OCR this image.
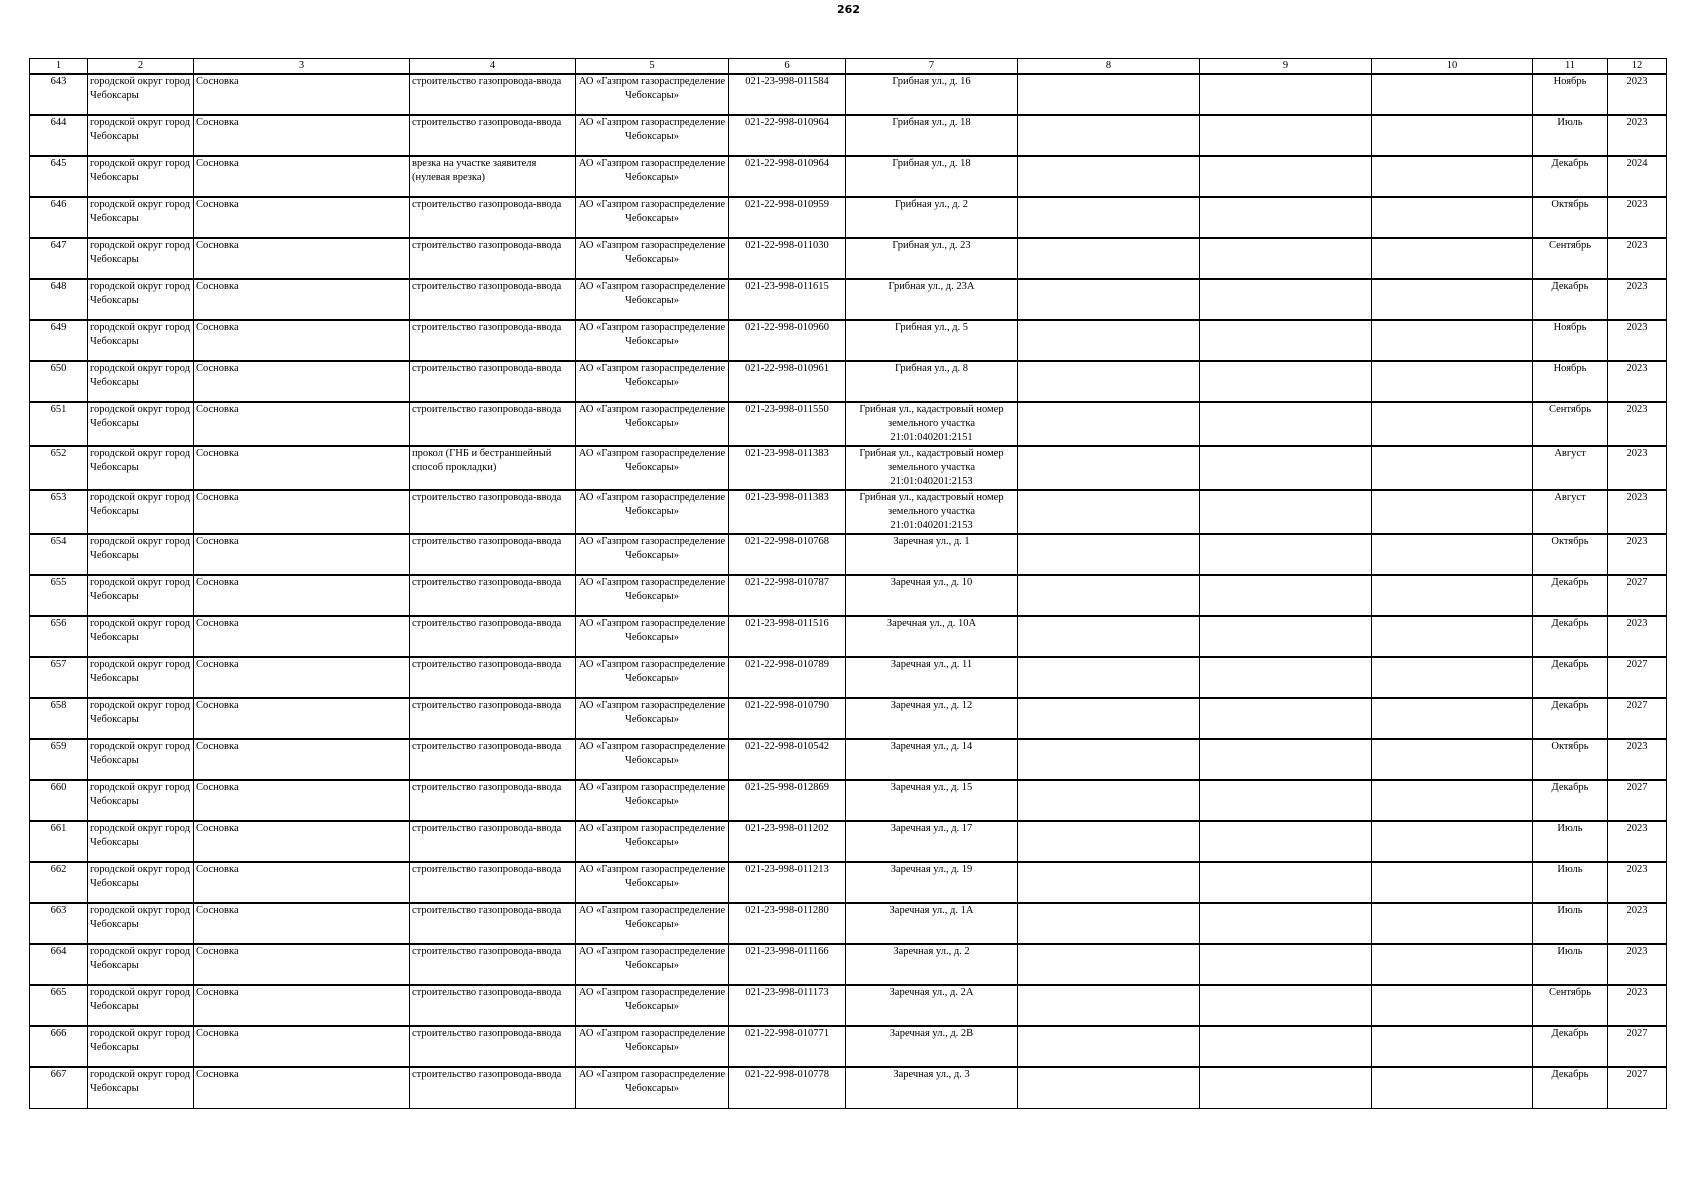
262
1	2	3	4	5	6	7	8	9	10	11	12
643	городской округ город Чебоксары	Сосновка	строительство газопровода-ввода	АО «Газпром газораспределение Чебоксары»	021-23-998-011584	Грибная ул., д. 16				Ноябрь	2023
644	городской округ город Чебоксары	Сосновка	строительство газопровода-ввода	АО «Газпром газораспределение Чебоксары»	021-22-998-010964	Грибная ул., д. 18				Июль	2023
645	городской округ город Чебоксары	Сосновка	врезка на участке заявителя (нулевая врезка)	АО «Газпром газораспределение Чебоксары»	021-22-998-010964	Грибная ул., д. 18				Декабрь	2024
646	городской округ город Чебоксары	Сосновка	строительство газопровода-ввода	АО «Газпром газораспределение Чебоксары»	021-22-998-010959	Грибная ул., д. 2				Октябрь	2023
647	городской округ город Чебоксары	Сосновка	строительство газопровода-ввода	АО «Газпром газораспределение Чебоксары»	021-22-998-011030	Грибная ул., д. 23				Сентябрь	2023
648	городской округ город Чебоксары	Сосновка	строительство газопровода-ввода	АО «Газпром газораспределение Чебоксары»	021-23-998-011615	Грибная ул., д. 23А				Декабрь	2023
649	городской округ город Чебоксары	Сосновка	строительство газопровода-ввода	АО «Газпром газораспределение Чебоксары»	021-22-998-010960	Грибная ул., д. 5				Ноябрь	2023
650	городской округ город Чебоксары	Сосновка	строительство газопровода-ввода	АО «Газпром газораспределение Чебоксары»	021-22-998-010961	Грибная ул., д. 8				Ноябрь	2023
651	городской округ город Чебоксары	Сосновка	строительство газопровода-ввода	АО «Газпром газораспределение Чебоксары»	021-23-998-011550	Грибная ул., кадастровый номер земельного участка 21:01:040201:2151				Сентябрь	2023
652	городской округ город Чебоксары	Сосновка	прокол (ГНБ и бестраншейный способ прокладки)	АО «Газпром газораспределение Чебоксары»	021-23-998-011383	Грибная ул., кадастровый номер земельного участка 21:01:040201:2153				Август	2023
653	городской округ город Чебоксары	Сосновка	строительство газопровода-ввода	АО «Газпром газораспределение Чебоксары»	021-23-998-011383	Грибная ул., кадастровый номер земельного участка 21:01:040201:2153				Август	2023
654	городской округ город Чебоксары	Сосновка	строительство газопровода-ввода	АО «Газпром газораспределение Чебоксары»	021-22-998-010768	Заречная ул., д. 1				Октябрь	2023
655	городской округ город Чебоксары	Сосновка	строительство газопровода-ввода	АО «Газпром газораспределение Чебоксары»	021-22-998-010787	Заречная ул., д. 10				Декабрь	2027
656	городской округ город Чебоксары	Сосновка	строительство газопровода-ввода	АО «Газпром газораспределение Чебоксары»	021-23-998-011516	Заречная ул., д. 10А				Декабрь	2023
657	городской округ город Чебоксары	Сосновка	строительство газопровода-ввода	АО «Газпром газораспределение Чебоксары»	021-22-998-010789	Заречная ул., д. 11				Декабрь	2027
658	городской округ город Чебоксары	Сосновка	строительство газопровода-ввода	АО «Газпром газораспределение Чебоксары»	021-22-998-010790	Заречная ул., д. 12				Декабрь	2027
659	городской округ город Чебоксары	Сосновка	строительство газопровода-ввода	АО «Газпром газораспределение Чебоксары»	021-22-998-010542	Заречная ул., д. 14				Октябрь	2023
660	городской округ город Чебоксары	Сосновка	строительство газопровода-ввода	АО «Газпром газораспределение Чебоксары»	021-25-998-012869	Заречная ул., д. 15				Декабрь	2027
661	городской округ город Чебоксары	Сосновка	строительство газопровода-ввода	АО «Газпром газораспределение Чебоксары»	021-23-998-011202	Заречная ул., д. 17				Июль	2023
662	городской округ город Чебоксары	Сосновка	строительство газопровода-ввода	АО «Газпром газораспределение Чебоксары»	021-23-998-011213	Заречная ул., д. 19				Июль	2023
663	городской округ город Чебоксары	Сосновка	строительство газопровода-ввода	АО «Газпром газораспределение Чебоксары»	021-23-998-011280	Заречная ул., д. 1А				Июль	2023
664	городской округ город Чебоксары	Сосновка	строительство газопровода-ввода	АО «Газпром газораспределение Чебоксары»	021-23-998-011166	Заречная ул., д. 2				Июль	2023
665	городской округ город Чебоксары	Сосновка	строительство газопровода-ввода	АО «Газпром газораспределение Чебоксары»	021-23-998-011173	Заречная ул., д. 2А				Сентябрь	2023
666	городской округ город Чебоксары	Сосновка	строительство газопровода-ввода	АО «Газпром газораспределение Чебоксары»	021-22-998-010771	Заречная ул., д. 2В				Декабрь	2027
667	городской округ город Чебоксары	Сосновка	строительство газопровода-ввода	АО «Газпром газораспределение Чебоксары»	021-22-998-010778	Заречная ул., д. 3				Декабрь	2027
